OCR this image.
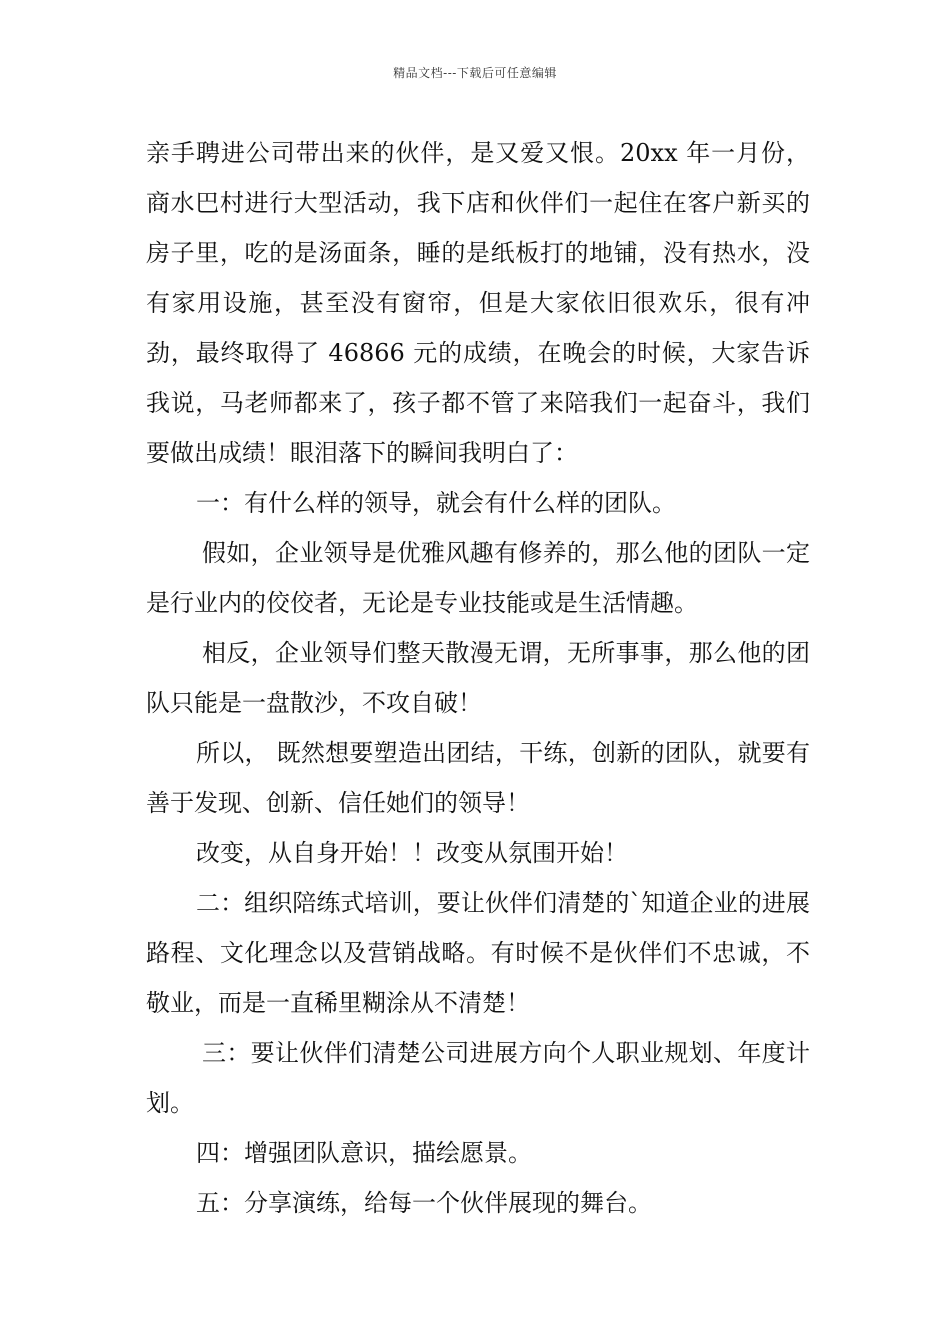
精品文档---下载后可任意编辑

亲手聘进公司带出来的伙伴，是又爱又恨。20xx 年一月份，商水巴村进行大型活动，我下店和伙伴们一起住在客户新买的房子里，吃的是汤面条，睡的是纸板打的地铺，没有热水，没有家用设施，甚至没有窗帘，但是大家依旧很欢乐，很有冲劲，最终取得了 46866 元的成绩，在晚会的时候，大家告诉我说，马老师都来了，孩子都不管了来陪我们一起奋斗，我们要做出成绩！眼泪落下的瞬间我明白了：

一：有什么样的领导，就会有什么样的团队。

假如，企业领导是优雅风趣有修养的，那么他的团队一定是行业内的佼佼者，无论是专业技能或是生活情趣。

相反，企业领导们整天散漫无谓，无所事事，那么他的团队只能是一盘散沙，不攻自破！

所以， 既然想要塑造出团结，干练，创新的团队，就要有善于发现、创新、信任她们的领导！

改变，从自身开始！！改变从氛围开始！

二：组织陪练式培训，要让伙伴们清楚的`知道企业的进展路程、文化理念以及营销战略。有时候不是伙伴们不忠诚，不敬业，而是一直稀里糊涂从不清楚！

三：要让伙伴们清楚公司进展方向个人职业规划、年度计划。

四：增强团队意识，描绘愿景。

五：分享演练，给每一个伙伴展现的舞台。
